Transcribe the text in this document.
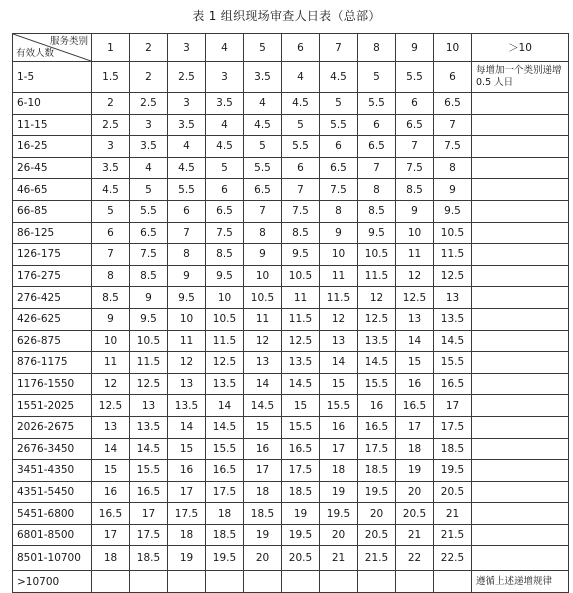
表 1 组织现场审查人日表（总部）
服务类别
有效人数	1	2	3	4	5	6	7	8	9	10	＞10
1-5	1.5	2	2.5	3	3.5	4	4.5	5	5.5	6	每增加一个类别递增 0.5 人日
6-10	2	2.5	3	3.5	4	4.5	5	5.5	6	6.5	
11-15	2.5	3	3.5	4	4.5	5	5.5	6	6.5	7	
16-25	3	3.5	4	4.5	5	5.5	6	6.5	7	7.5	
26-45	3.5	4	4.5	5	5.5	6	6.5	7	7.5	8	
46-65	4.5	5	5.5	6	6.5	7	7.5	8	8.5	9	
66-85	5	5.5	6	6.5	7	7.5	8	8.5	9	9.5	
86-125	6	6.5	7	7.5	8	8.5	9	9.5	10	10.5	
126-175	7	7.5	8	8.5	9	9.5	10	10.5	11	11.5	
176-275	8	8.5	9	9.5	10	10.5	11	11.5	12	12.5	
276-425	8.5	9	9.5	10	10.5	11	11.5	12	12.5	13	
426-625	9	9.5	10	10.5	11	11.5	12	12.5	13	13.5	
626-875	10	10.5	11	11.5	12	12.5	13	13.5	14	14.5	
876-1175	11	11.5	12	12.5	13	13.5	14	14.5	15	15.5	
1176-1550	12	12.5	13	13.5	14	14.5	15	15.5	16	16.5	
1551-2025	12.5	13	13.5	14	14.5	15	15.5	16	16.5	17	
2026-2675	13	13.5	14	14.5	15	15.5	16	16.5	17	17.5	
2676-3450	14	14.5	15	15.5	16	16.5	17	17.5	18	18.5	
3451-4350	15	15.5	16	16.5	17	17.5	18	18.5	19	19.5	
4351-5450	16	16.5	17	17.5	18	18.5	19	19.5	20	20.5	
5451-6800	16.5	17	17.5	18	18.5	19	19.5	20	20.5	21	
6801-8500	17	17.5	18	18.5	19	19.5	20	20.5	21	21.5	
8501-10700	18	18.5	19	19.5	20	20.5	21	21.5	22	22.5	
>10700											遵循上述递增规律
